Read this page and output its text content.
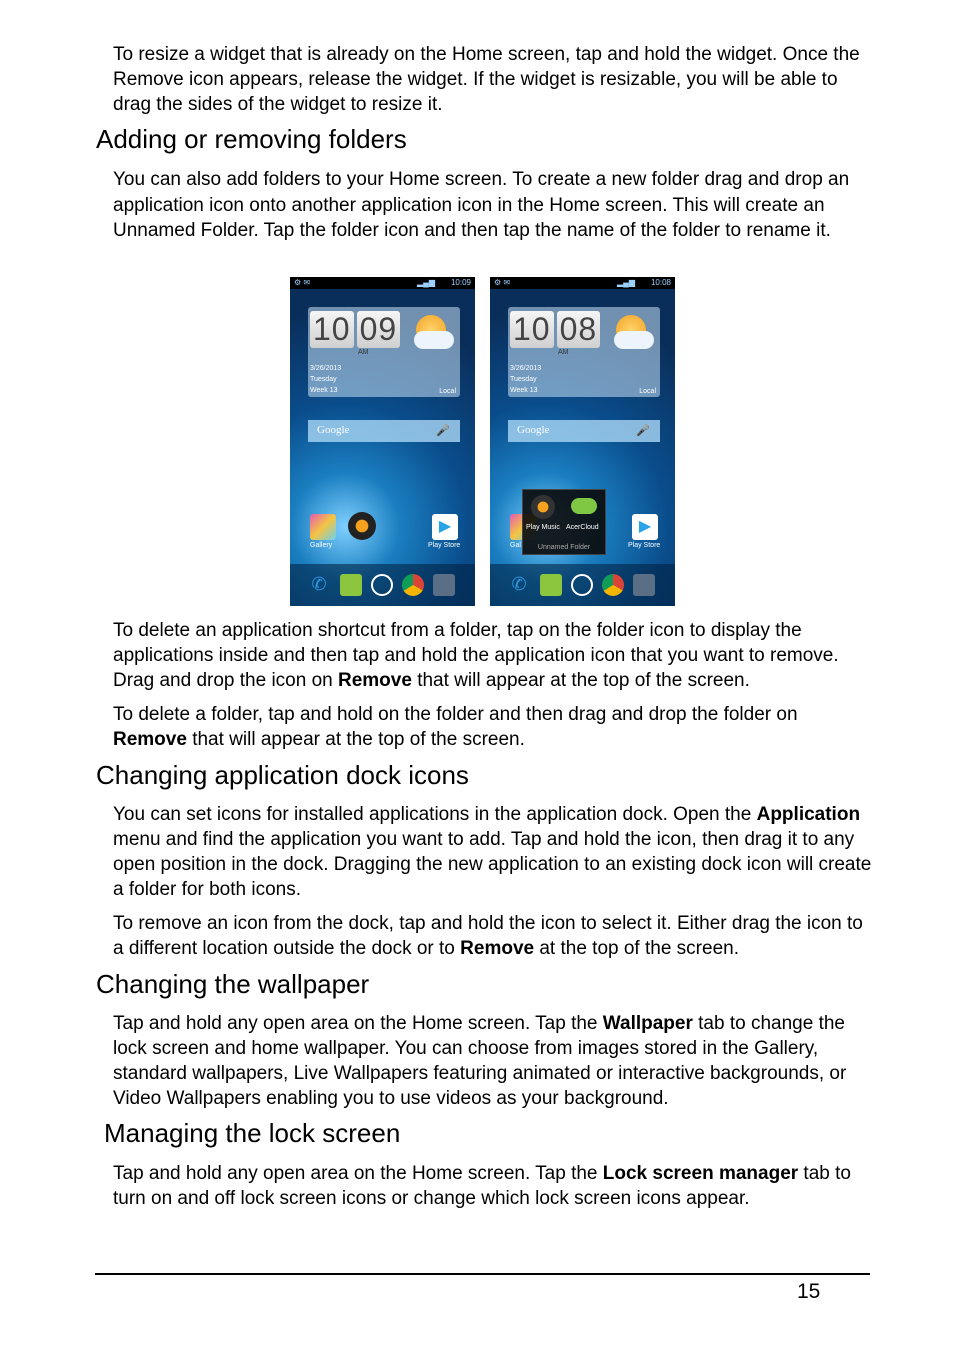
To resize a widget that is already on the Home screen, tap and hold the widget. Once the Remove icon appears, release the widget. If the widget is resizable, you will be able to drag the sides of the widget to resize it.

Adding or removing folders

You can also add folders to your Home screen. To create a new folder drag and drop an application icon onto another application icon in the Home screen. This will create an Unnamed Folder. Tap the folder icon and then tap the name of the folder to rename it.

⚙ ✉	▂▄▆ 10:09
10 09
AM
3/26/2013
Tuesday
Week 13	Local
Google	🎤
Gallery
▶
Play Store
✆
⚙ ✉	▂▄▆ 10:08
10 08
AM
3/26/2013
Tuesday
Week 13	Local
Google	🎤
Gal
Play Music AcerCloud
Unnamed Folder
▶
Play Store
✆

To delete an application shortcut from a folder, tap on the folder icon to display the applications inside and then tap and hold the application icon that you want to remove. Drag and drop the icon on Remove that will appear at the top of the screen.

To delete a folder, tap and hold on the folder and then drag and drop the folder on Remove that will appear at the top of the screen.

Changing application dock icons

You can set icons for installed applications in the application dock. Open the Application menu and find the application you want to add. Tap and hold the icon, then drag it to any open position in the dock. Dragging the new application to an existing dock icon will create a folder for both icons.

To remove an icon from the dock, tap and hold the icon to select it. Either drag the icon to a different location outside the dock or to Remove at the top of the screen.

Changing the wallpaper

Tap and hold any open area on the Home screen. Tap the Wallpaper tab to change the lock screen and home wallpaper. You can choose from images stored in the Gallery, standard wallpapers, Live Wallpapers featuring animated or interactive backgrounds, or Video Wallpapers enabling you to use videos as your background.

Managing the lock screen

Tap and hold any open area on the Home screen. Tap the Lock screen manager tab to turn on and off lock screen icons or change which lock screen icons appear.

15
